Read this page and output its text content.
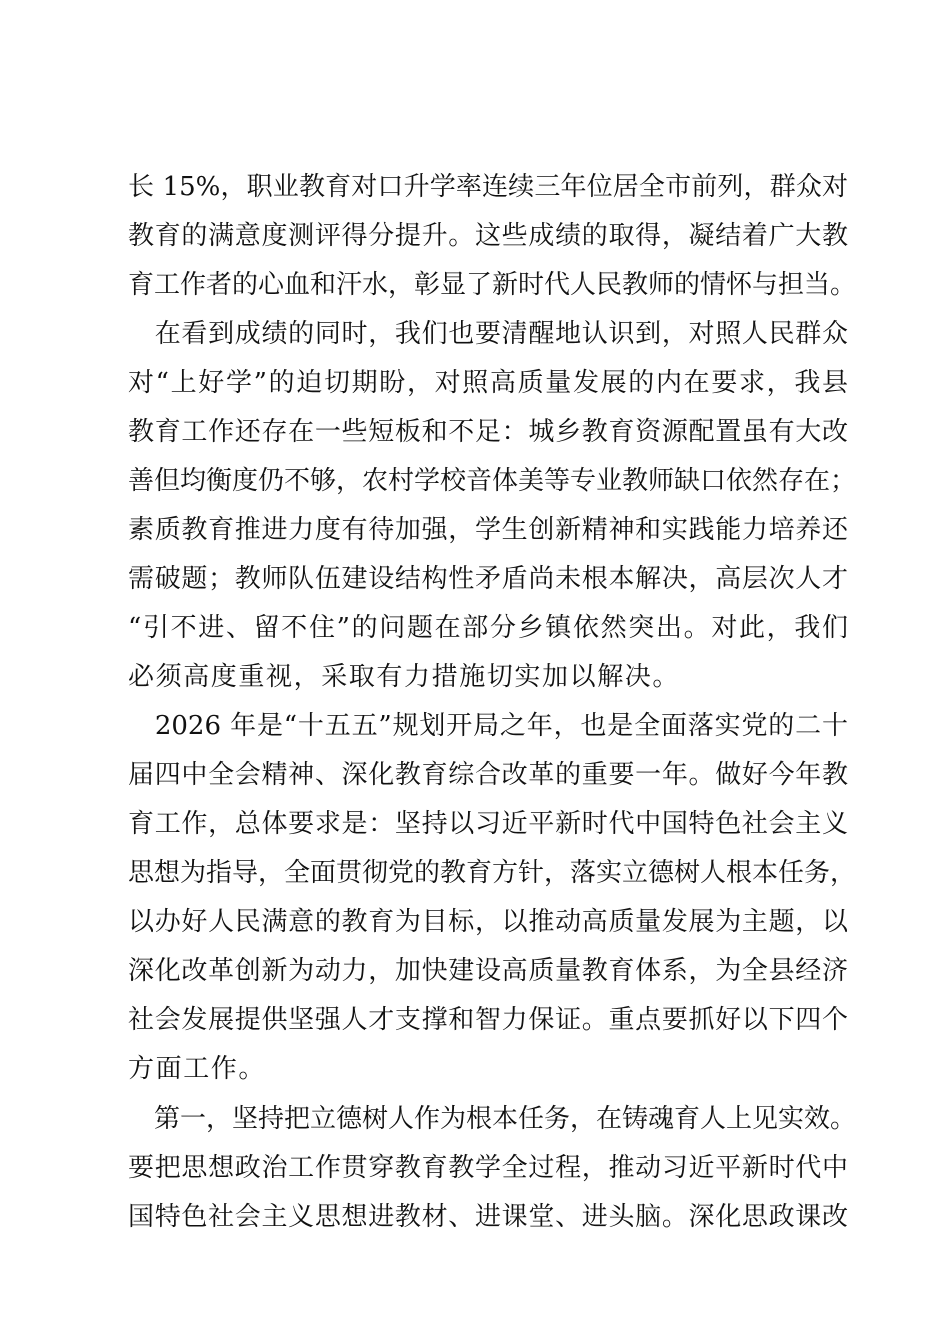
长 15%，职业教育对口升学率连续三年位居全市前列，群众对
教育的满意度测评得分提升。这些成绩的取得，凝结着广大教
育工作者的心血和汗水，彰显了新时代人民教师的情怀与担当。
　在看到成绩的同时，我们也要清醒地认识到，对照人民群众
对“上好学”的迫切期盼，对照高质量发展的内在要求，我县
教育工作还存在一些短板和不足：城乡教育资源配置虽有大改
善但均衡度仍不够，农村学校音体美等专业教师缺口依然存在；
素质教育推进力度有待加强，学生创新精神和实践能力培养还
需破题；教师队伍建设结构性矛盾尚未根本解决，高层次人才
“引不进、留不住”的问题在部分乡镇依然突出。对此，我们
必须高度重视，采取有力措施切实加以解决。
　2026 年是“十五五”规划开局之年，也是全面落实党的二十
届四中全会精神、深化教育综合改革的重要一年。做好今年教
育工作，总体要求是：坚持以习近平新时代中国特色社会主义
思想为指导，全面贯彻党的教育方针，落实立德树人根本任务，
以办好人民满意的教育为目标，以推动高质量发展为主题，以
深化改革创新为动力，加快建设高质量教育体系，为全县经济
社会发展提供坚强人才支撑和智力保证。重点要抓好以下四个
方面工作。
　第一，坚持把立德树人作为根本任务，在铸魂育人上见实效。
要把思想政治工作贯穿教育教学全过程，推动习近平新时代中
国特色社会主义思想进教材、进课堂、进头脑。深化思政课改
